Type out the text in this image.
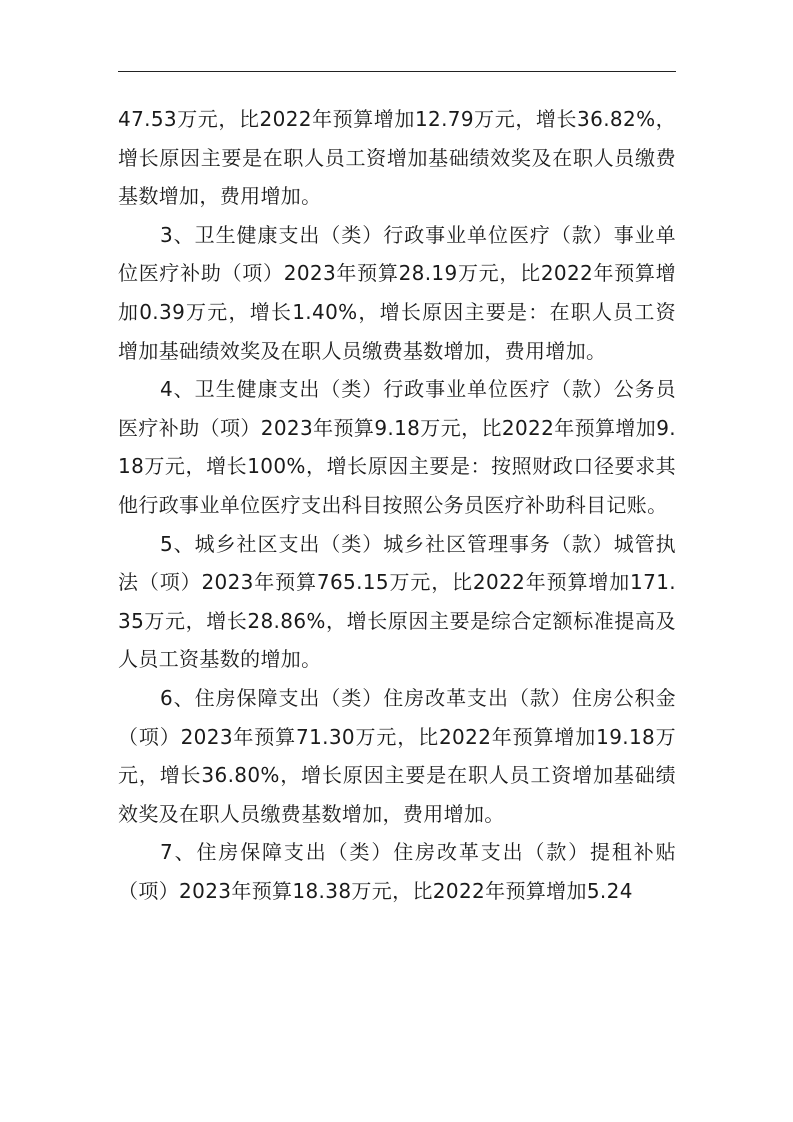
47.53万元，比2022年预算增加12.79万元，增长36.82%，增长原因主要是在职人员工资增加基础绩效奖及在职人员缴费基数增加，费用增加。

3、卫生健康支出（类）行政事业单位医疗（款）事业单位医疗补助（项）2023年预算28.19万元，比2022年预算增加0.39万元，增长1.40%，增长原因主要是：在职人员工资增加基础绩效奖及在职人员缴费基数增加，费用增加。

4、卫生健康支出（类）行政事业单位医疗（款）公务员医疗补助（项）2023年预算9.18万元，比2022年预算增加9.18万元，增长100%，增长原因主要是：按照财政口径要求其他行政事业单位医疗支出科目按照公务员医疗补助科目记账。

5、城乡社区支出（类）城乡社区管理事务（款）城管执法（项）2023年预算765.15万元，比2022年预算增加171.35万元，增长28.86%，增长原因主要是综合定额标准提高及人员工资基数的增加。

6、住房保障支出（类）住房改革支出（款）住房公积金（项）2023年预算71.30万元，比2022年预算增加19.18万元，增长36.80%，增长原因主要是在职人员工资增加基础绩效奖及在职人员缴费基数增加，费用增加。

7、住房保障支出（类）住房改革支出（款）提租补贴（项）2023年预算18.38万元，比2022年预算增加5.24
